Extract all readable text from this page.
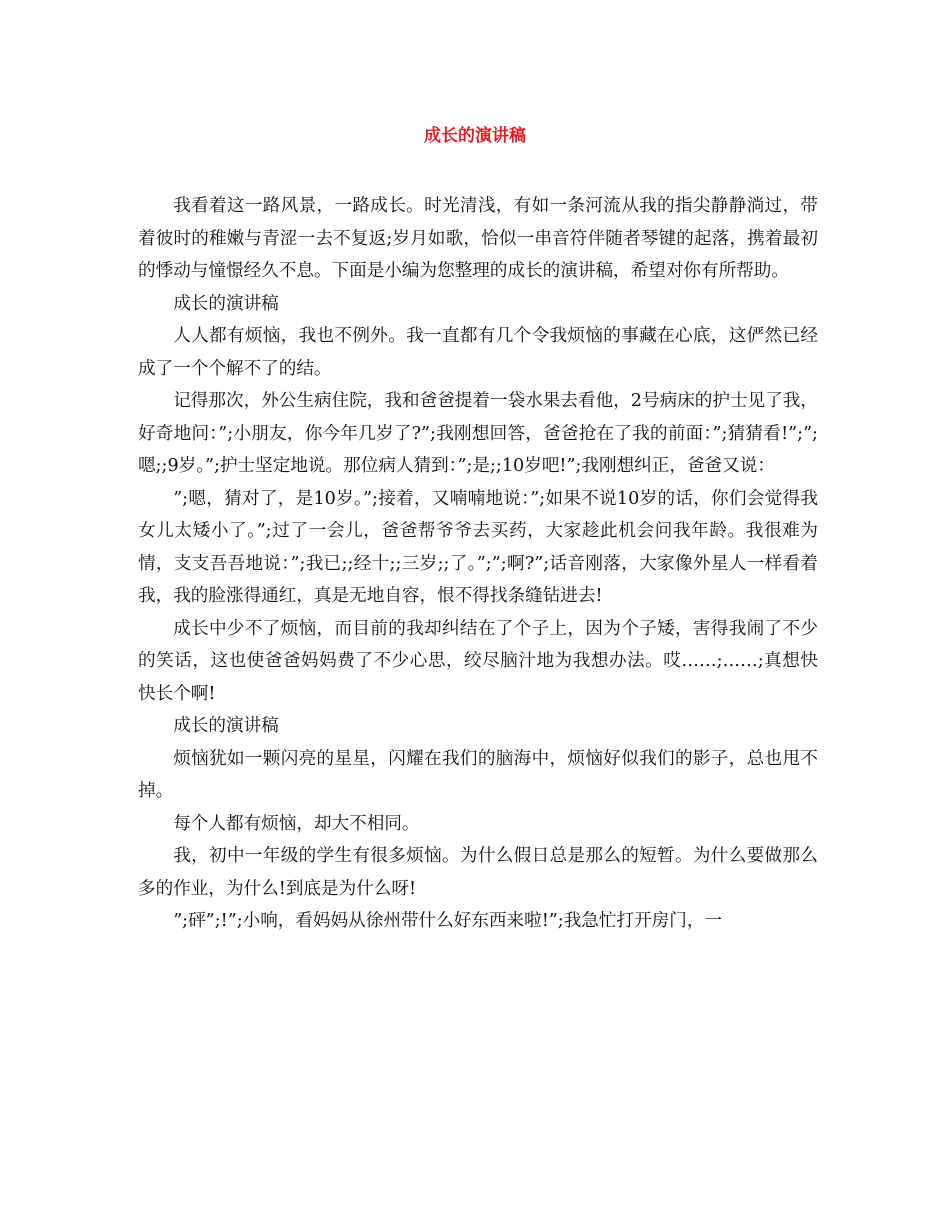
成长的演讲稿

我看着这一路风景，一路成长。时光清浅，有如一条河流从我的指尖静静淌过，带着彼时的稚嫩与青涩一去不复返;岁月如歌，恰似一串音符伴随者琴键的起落，携着最初的悸动与憧憬经久不息。下面是小编为您整理的成长的演讲稿，希望对你有所帮助。

成长的演讲稿

人人都有烦恼，我也不例外。我一直都有几个令我烦恼的事藏在心底，这俨然已经成了一个个解不了的结。

记得那次，外公生病住院，我和爸爸提着一袋水果去看他，2号病床的护士见了我，好奇地问：”;小朋友，你今年几岁了?”;我刚想回答，爸爸抢在了我的前面：”;猜猜看!”;”;嗯;;9岁。”;护士坚定地说。那位病人猜到：”;是;;10岁吧!”;我刚想纠正，爸爸又说：

”;嗯，猜对了，是10岁。”;接着，又喃喃地说：”;如果不说10岁的话，你们会觉得我女儿太矮小了。”;过了一会儿，爸爸帮爷爷去买药，大家趁此机会问我年龄。我很难为情，支支吾吾地说：”;我已;;经十;;三岁;;了。”;”;啊?”;话音刚落，大家像外星人一样看着我，我的脸涨得通红，真是无地自容，恨不得找条缝钻进去!

成长中少不了烦恼，而目前的我却纠结在了个子上，因为个子矮，害得我闹了不少的笑话，这也使爸爸妈妈费了不少心思，绞尽脑汁地为我想办法。哎……;……;真想快快长个啊!

成长的演讲稿

烦恼犹如一颗闪亮的星星，闪耀在我们的脑海中，烦恼好似我们的影子，总也甩不掉。

每个人都有烦恼，却大不相同。

我，初中一年级的学生有很多烦恼。为什么假日总是那么的短暂。为什么要做那么多的作业，为什么!到底是为什么呀!

”;砰”;!”;小响，看妈妈从徐州带什么好东西来啦!”;我急忙打开房门，一
